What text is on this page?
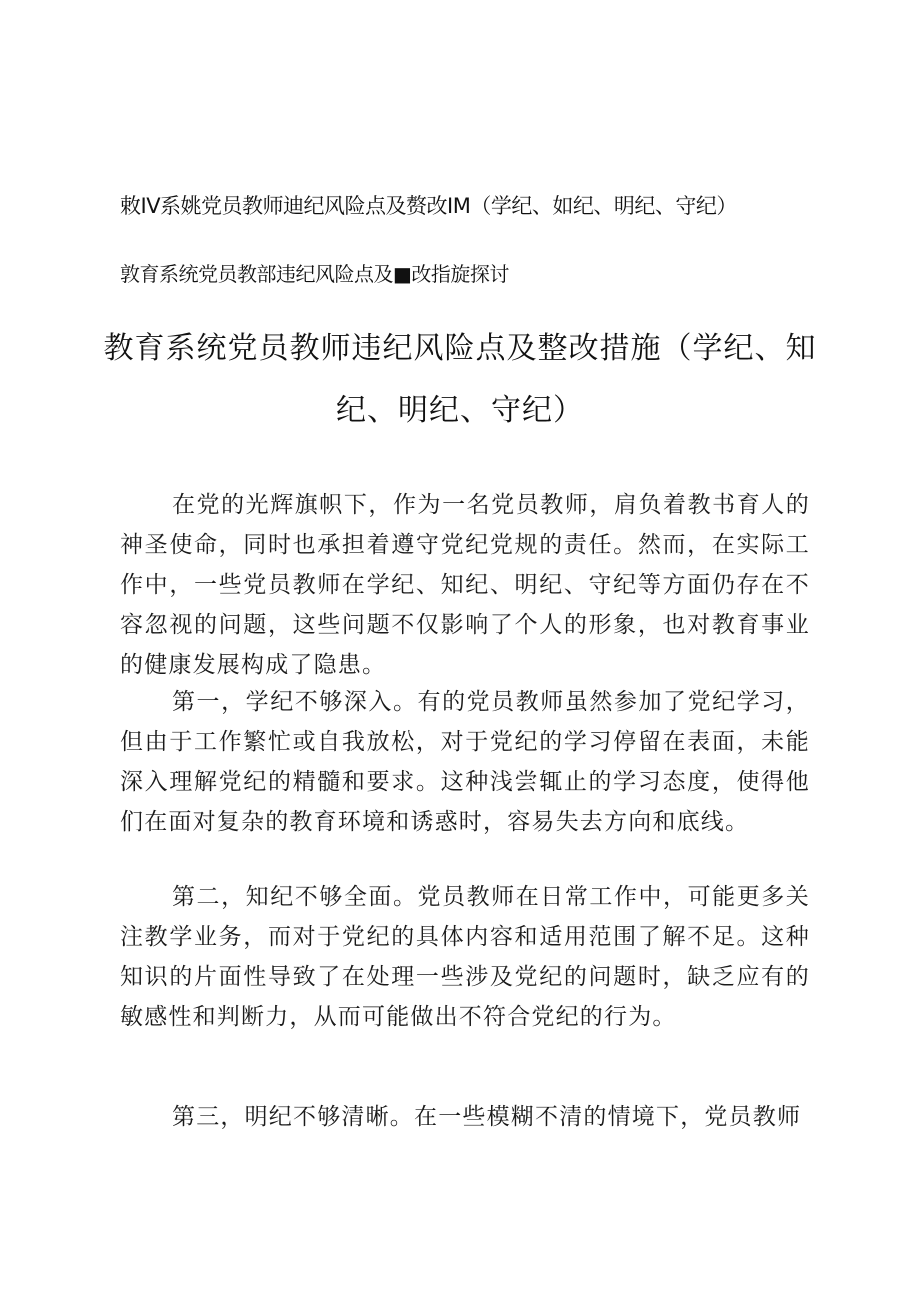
敕IV系姚党员教师迪纪风险点及赘改IM（学纪、如纪、明纪、守纪）
敦育系统党员教部违纪风险点及■改指旋探讨
教育系统党员教师违纪风险点及整改措施（学纪、知纪、明纪、守纪）

在党的光辉旗帜下，作为一名党员教师，肩负着教书育人的神圣使命，同时也承担着遵守党纪党规的责任。然而，在实际工作中，一些党员教师在学纪、知纪、明纪、守纪等方面仍存在不容忽视的问题，这些问题不仅影响了个人的形象，也对教育事业的健康发展构成了隐患。

第一，学纪不够深入。有的党员教师虽然参加了党纪学习，但由于工作繁忙或自我放松，对于党纪的学习停留在表面，未能深入理解党纪的精髓和要求。这种浅尝辄止的学习态度，使得他们在面对复杂的教育环境和诱惑时，容易失去方向和底线。

第二，知纪不够全面。党员教师在日常工作中，可能更多关注教学业务，而对于党纪的具体内容和适用范围了解不足。这种知识的片面性导致了在处理一些涉及党纪的问题时，缺乏应有的敏感性和判断力，从而可能做出不符合党纪的行为。

第三，明纪不够清晰。在一些模糊不清的情境下，党员教师
